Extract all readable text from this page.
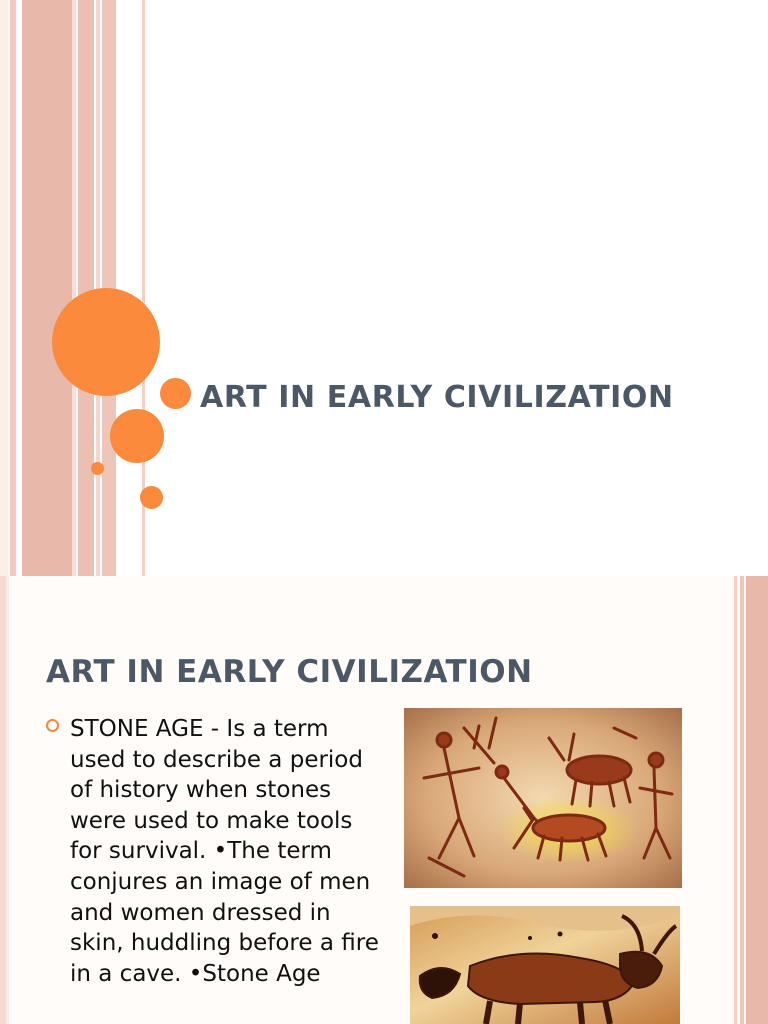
ART IN EARLY CIVILIZATION
ART IN EARLY CIVILIZATION

STONE AGE - Is a term used to describe a period of history when stones were used to make tools for survival. •The term conjures an image of men and women dressed in skin, huddling before a fire in a cave. •Stone Age
